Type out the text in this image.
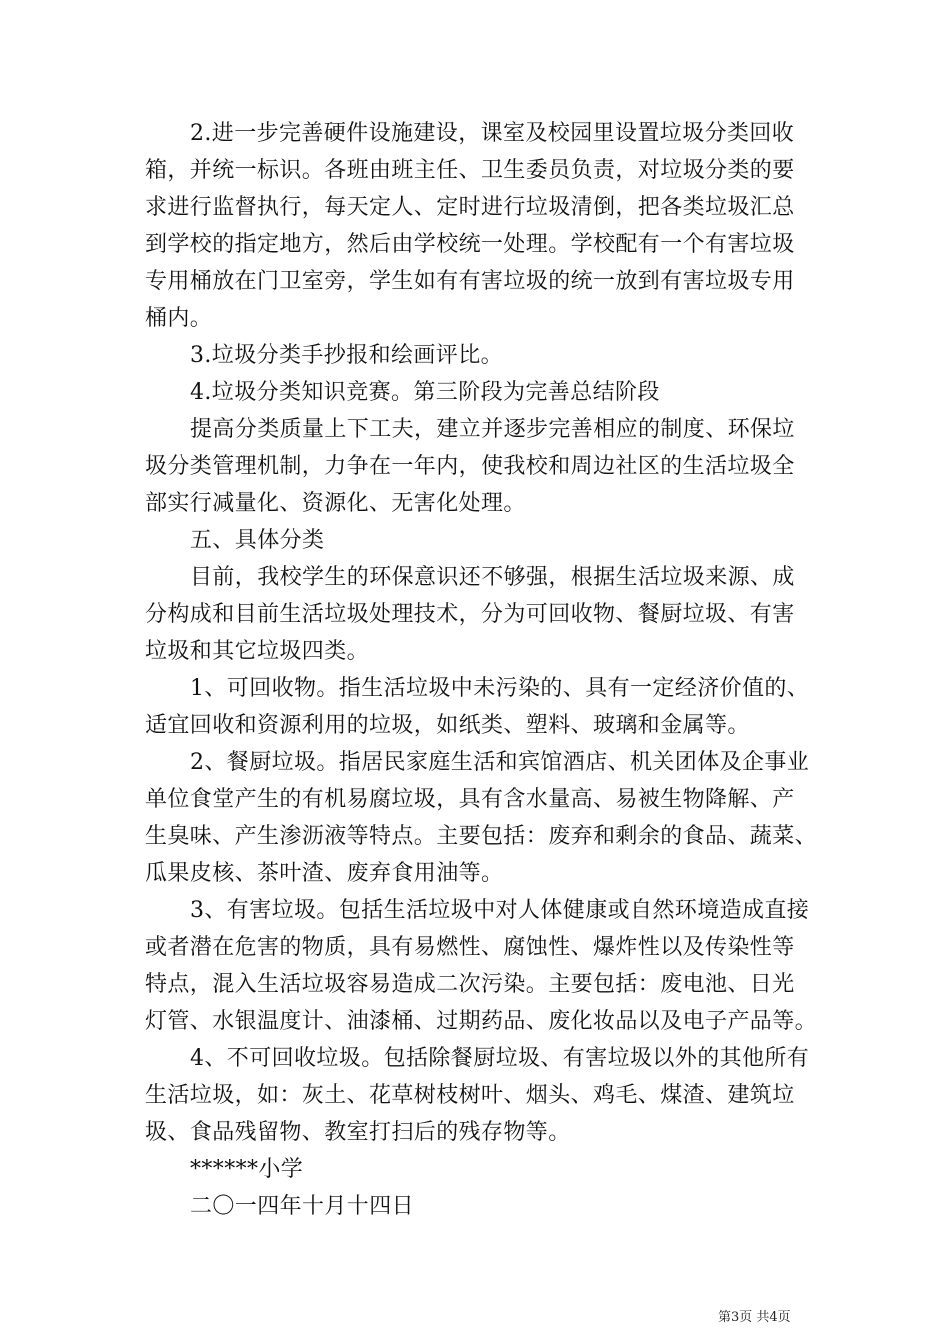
2.进一步完善硬件设施建设，课室及校园里设置垃圾分类回收
箱，并统一标识。各班由班主任、卫生委员负责，对垃圾分类的要
求进行监督执行，每天定人、定时进行垃圾清倒，把各类垃圾汇总
到学校的指定地方，然后由学校统一处理。学校配有一个有害垃圾
专用桶放在门卫室旁，学生如有有害垃圾的统一放到有害垃圾专用
桶内。
3.垃圾分类手抄报和绘画评比。
4.垃圾分类知识竞赛。第三阶段为完善总结阶段
提高分类质量上下工夫，建立并逐步完善相应的制度、环保垃
圾分类管理机制，力争在一年内，使我校和周边社区的生活垃圾全
部实行减量化、资源化、无害化处理。
五、具体分类
目前，我校学生的环保意识还不够强，根据生活垃圾来源、成
分构成和目前生活垃圾处理技术，分为可回收物、餐厨垃圾、有害
垃圾和其它垃圾四类。
1、可回收物。指生活垃圾中未污染的、具有一定经济价值的、
适宜回收和资源利用的垃圾，如纸类、塑料、玻璃和金属等。
2、餐厨垃圾。指居民家庭生活和宾馆酒店、机关团体及企事业
单位食堂产生的有机易腐垃圾，具有含水量高、易被生物降解、产
生臭味、产生渗沥液等特点。主要包括：废弃和剩余的食品、蔬菜、
瓜果皮核、茶叶渣、废弃食用油等。
3、有害垃圾。包括生活垃圾中对人体健康或自然环境造成直接
或者潜在危害的物质，具有易燃性、腐蚀性、爆炸性以及传染性等
特点，混入生活垃圾容易造成二次污染。主要包括：废电池、日光
灯管、水银温度计、油漆桶、过期药品、废化妆品以及电子产品等。
4、不可回收垃圾。包括除餐厨垃圾、有害垃圾以外的其他所有
生活垃圾，如：灰土、花草树枝树叶、烟头、鸡毛、煤渣、建筑垃
圾、食品残留物、教室打扫后的残存物等。
******小学
二〇一四年十月十四日
第3页 共4页
